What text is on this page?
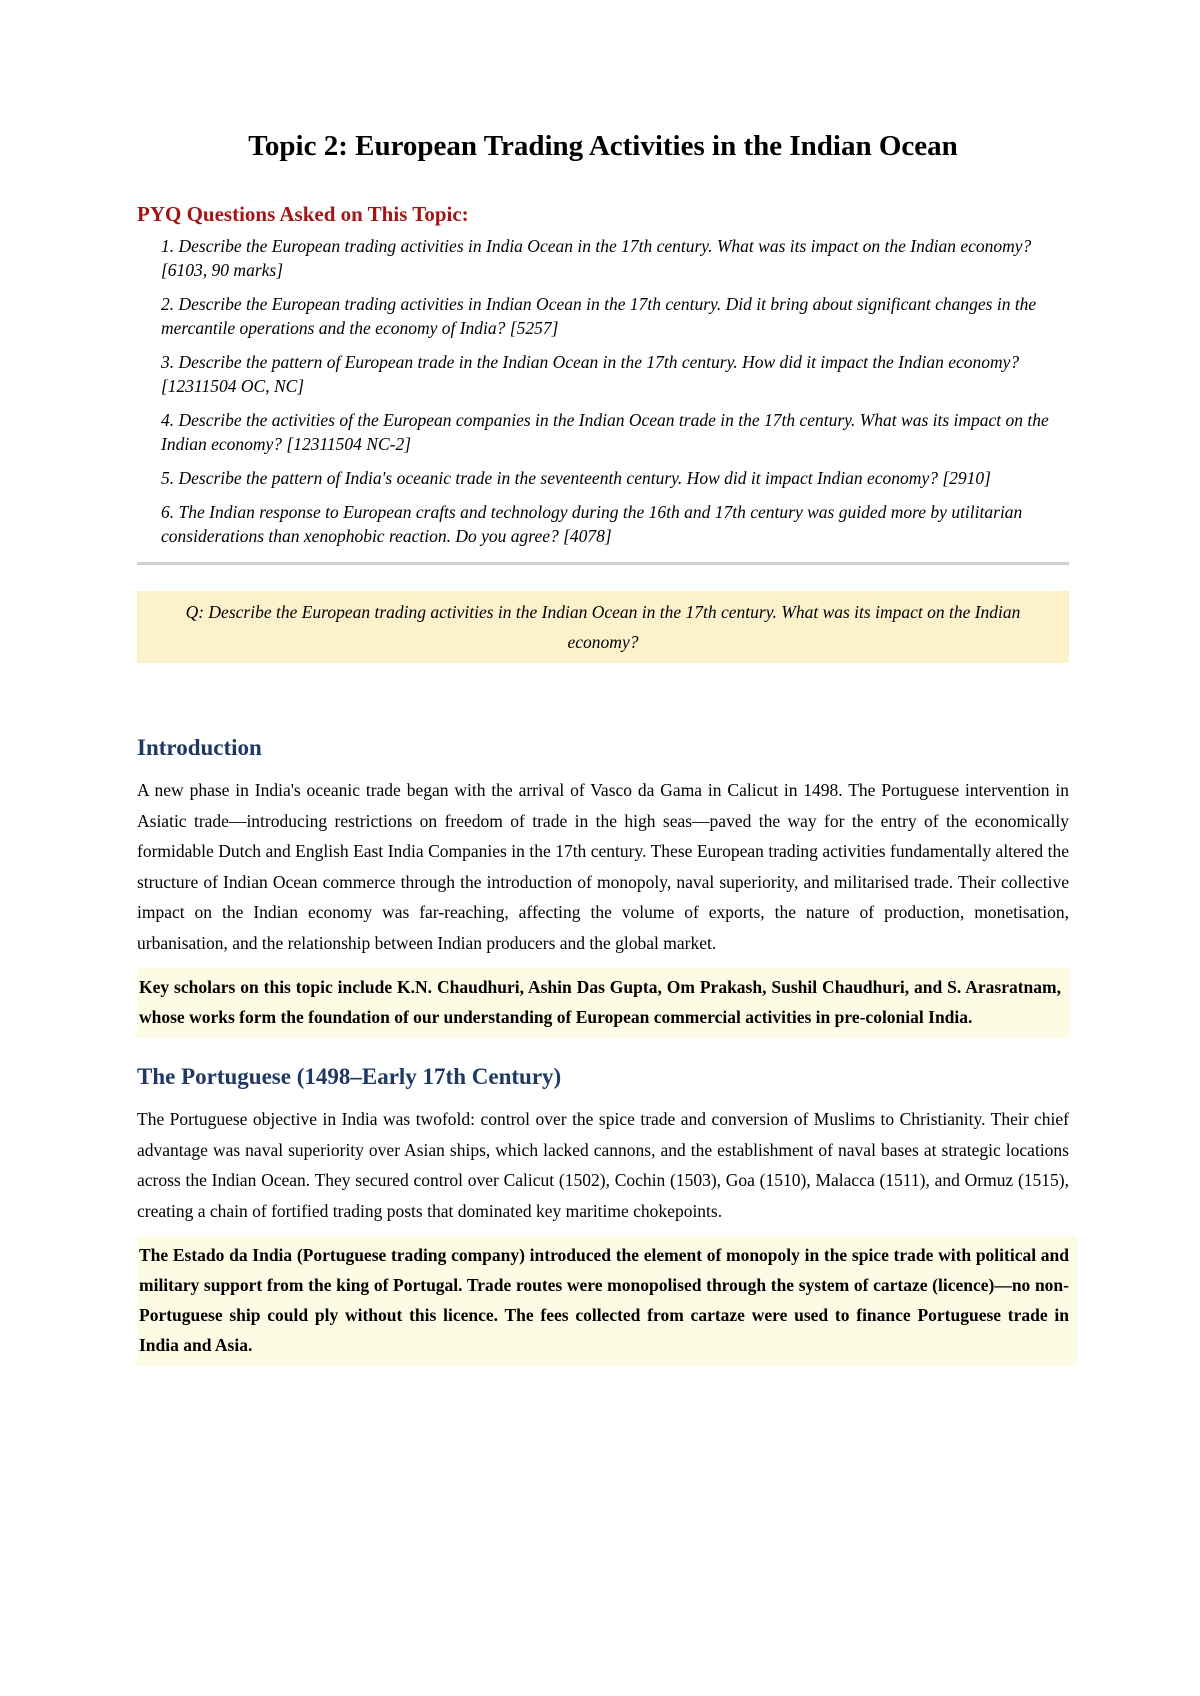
Topic 2: European Trading Activities in the Indian Ocean
PYQ Questions Asked on This Topic:
1. Describe the European trading activities in India Ocean in the 17th century. What was its impact on the Indian economy? [6103, 90 marks]
2. Describe the European trading activities in Indian Ocean in the 17th century. Did it bring about significant changes in the mercantile operations and the economy of India? [5257]
3. Describe the pattern of European trade in the Indian Ocean in the 17th century. How did it impact the Indian economy? [12311504 OC, NC]
4. Describe the activities of the European companies in the Indian Ocean trade in the 17th century. What was its impact on the Indian economy? [12311504 NC-2]
5. Describe the pattern of India's oceanic trade in the seventeenth century. How did it impact Indian economy? [2910]
6. The Indian response to European crafts and technology during the 16th and 17th century was guided more by utilitarian considerations than xenophobic reaction. Do you agree? [4078]
Q: Describe the European trading activities in the Indian Ocean in the 17th century. What was its impact on the Indian economy?
Introduction

A new phase in India's oceanic trade began with the arrival of Vasco da Gama in Calicut in 1498. The Portuguese intervention in Asiatic trade—introducing restrictions on freedom of trade in the high seas—paved the way for the entry of the economically formidable Dutch and English East India Companies in the 17th century. These European trading activities fundamentally altered the structure of Indian Ocean commerce through the introduction of monopoly, naval superiority, and militarised trade. Their collective impact on the Indian economy was far-reaching, affecting the volume of exports, the nature of production, monetisation, urbanisation, and the relationship between Indian producers and the global market.

Key scholars on this topic include K.N. Chaudhuri, Ashin Das Gupta, Om Prakash, Sushil Chaudhuri, and S. Arasratnam, whose works form the foundation of our understanding of European commercial activities in pre-colonial India.
The Portuguese (1498–Early 17th Century)

The Portuguese objective in India was twofold: control over the spice trade and conversion of Muslims to Christianity. Their chief advantage was naval superiority over Asian ships, which lacked cannons, and the establishment of naval bases at strategic locations across the Indian Ocean. They secured control over Calicut (1502), Cochin (1503), Goa (1510), Malacca (1511), and Ormuz (1515), creating a chain of fortified trading posts that dominated key maritime chokepoints.

The Estado da India (Portuguese trading company) introduced the element of monopoly in the spice trade with political and military support from the king of Portugal. Trade routes were monopolised through the system of cartaze (licence)—no non-Portuguese ship could ply without this licence. The fees collected from cartaze were used to finance Portuguese trade in India and Asia.
